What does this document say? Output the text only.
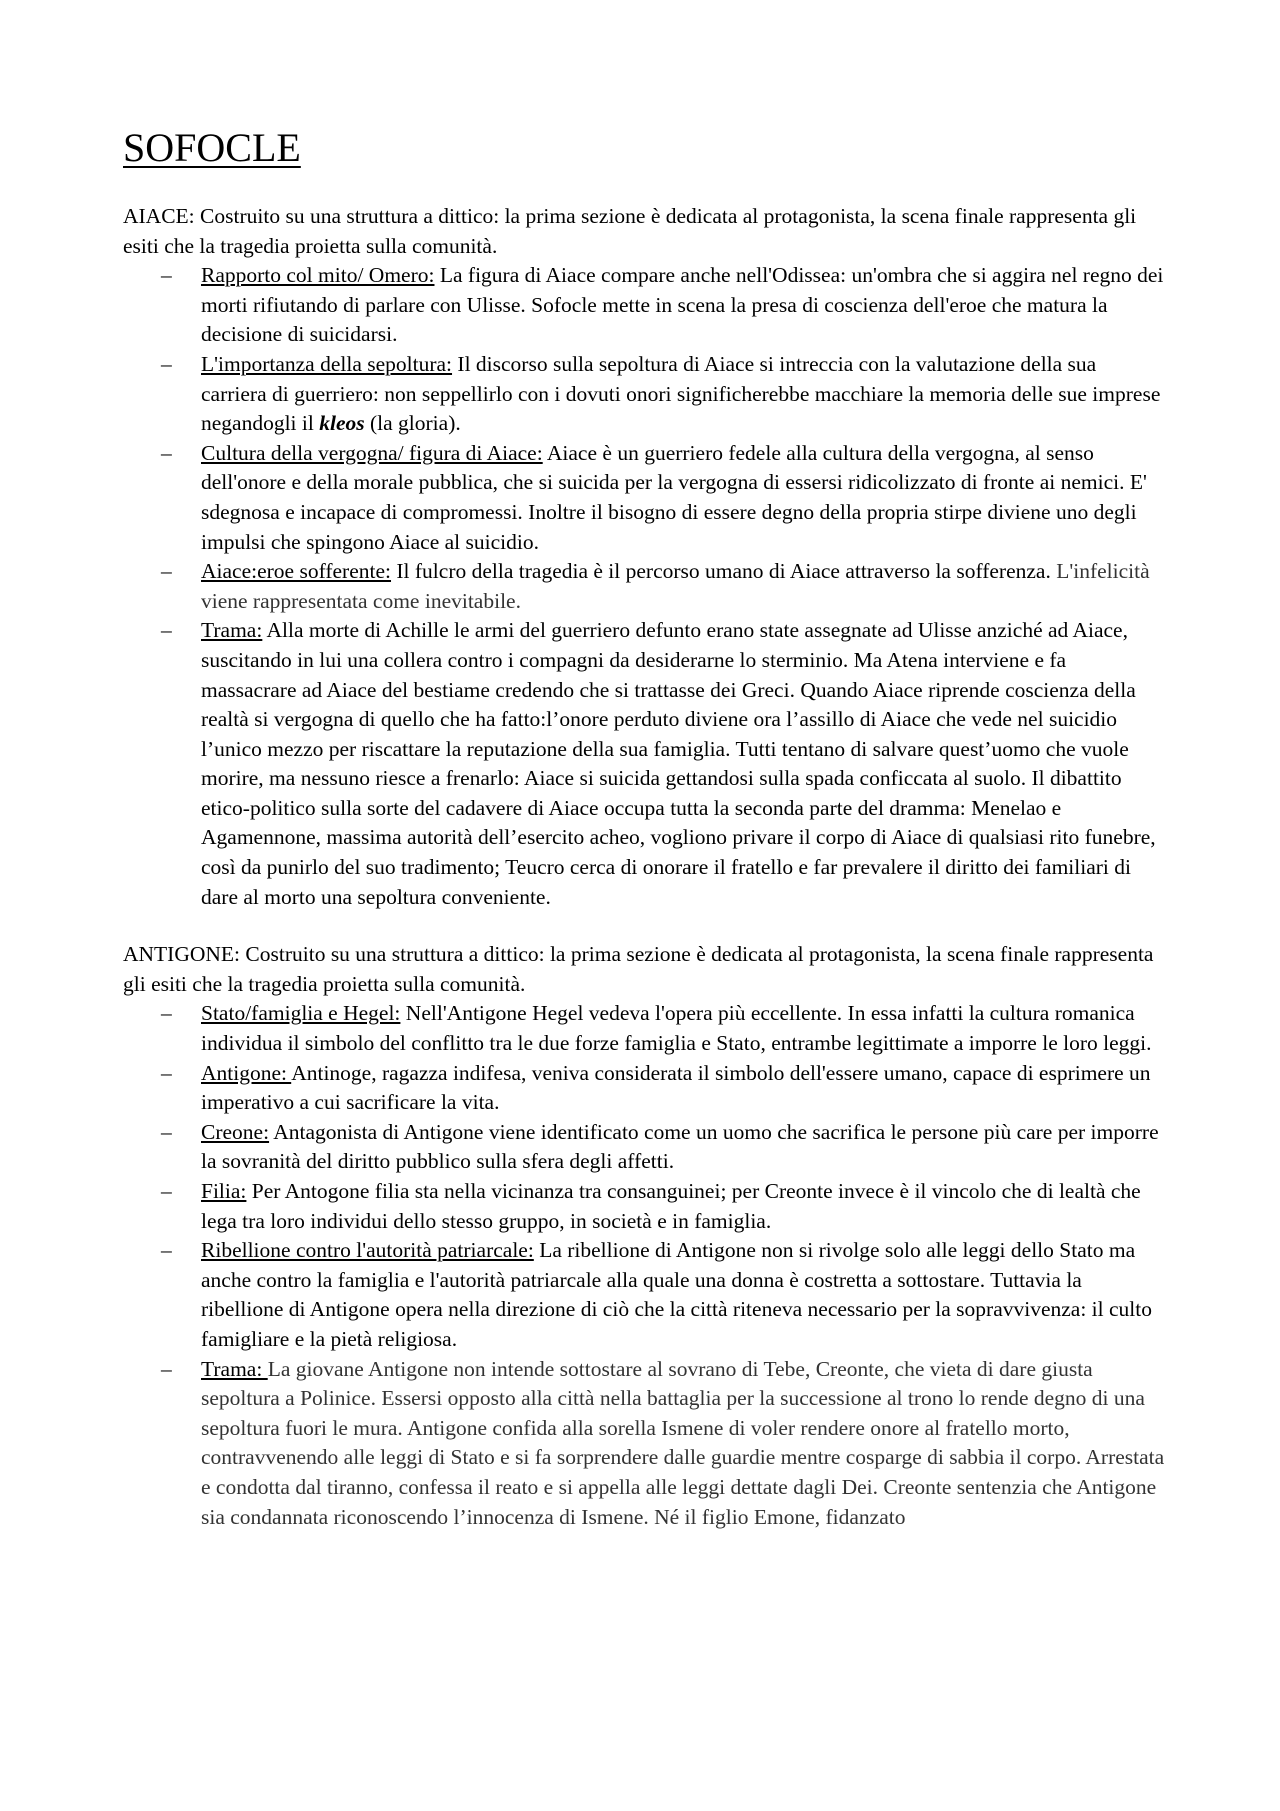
SOFOCLE

AIACE: Costruito su una struttura a dittico: la prima sezione è dedicata al protagonista, la scena finale rappresenta gli esiti che la tragedia proietta sulla comunità.

– Rapporto col mito/ Omero: La figura di Aiace compare anche nell'Odissea: un'ombra che si aggira nel regno dei morti rifiutando di parlare con Ulisse. Sofocle mette in scena la presa di coscienza dell'eroe che matura la decisione di suicidarsi.
– L'importanza della sepoltura: Il discorso sulla sepoltura di Aiace si intreccia con la valutazione della sua carriera di guerriero: non seppellirlo con i dovuti onori significherebbe macchiare la memoria delle sue imprese negandogli il kleos (la gloria).
– Cultura della vergogna/ figura di Aiace: Aiace è un guerriero fedele alla cultura della vergogna, al senso dell'onore e della morale pubblica, che si suicida per la vergogna di essersi ridicolizzato di fronte ai nemici. E' sdegnosa e incapace di compromessi. Inoltre il bisogno di essere degno della propria stirpe diviene uno degli impulsi che spingono Aiace al suicidio.
– Aiace:eroe sofferente: Il fulcro della tragedia è il percorso umano di Aiace attraverso la sofferenza. L'infelicità viene rappresentata come inevitabile.
– Trama: Alla morte di Achille le armi del guerriero defunto erano state assegnate ad Ulisse anziché ad Aiace, suscitando in lui una collera contro i compagni da desiderarne lo sterminio. Ma Atena interviene e fa massacrare ad Aiace del bestiame credendo che si trattasse dei Greci. Quando Aiace riprende coscienza della realtà si vergogna di quello che ha fatto:l’onore perduto diviene ora l’assillo di Aiace che vede nel suicidio l’unico mezzo per riscattare la reputazione della sua famiglia. Tutti tentano di salvare quest’uomo che vuole morire, ma nessuno riesce a frenarlo: Aiace si suicida gettandosi sulla spada conficcata al suolo. Il dibattito etico-politico sulla sorte del cadavere di Aiace occupa tutta la seconda parte del dramma: Menelao e Agamennone, massima autorità dell’esercito acheo, vogliono privare il corpo di Aiace di qualsiasi rito funebre, così da punirlo del suo tradimento; Teucro cerca di onorare il fratello e far prevalere il diritto dei familiari di dare al morto una sepoltura conveniente.

ANTIGONE: Costruito su una struttura a dittico: la prima sezione è dedicata al protagonista, la scena finale rappresenta gli esiti che la tragedia proietta sulla comunità.

– Stato/famiglia e Hegel: Nell'Antigone Hegel vedeva l'opera più eccellente. In essa infatti la cultura romanica individua il simbolo del conflitto tra le due forze famiglia e Stato, entrambe legittimate a imporre le loro leggi.
– Antigone: Antinoge, ragazza indifesa, veniva considerata il simbolo dell'essere umano, capace di esprimere un imperativo a cui sacrificare la vita.
– Creone: Antagonista di Antigone viene identificato come un uomo che sacrifica le persone più care per imporre la sovranità del diritto pubblico sulla sfera degli affetti.
– Filia: Per Antogone filia sta nella vicinanza tra consanguinei; per Creonte invece è il vincolo che di lealtà che lega tra loro individui dello stesso gruppo, in società e in famiglia.
– Ribellione contro l'autorità patriarcale: La ribellione di Antigone non si rivolge solo alle leggi dello Stato ma anche contro la famiglia e l'autorità patriarcale alla quale una donna è costretta a sottostare. Tuttavia la ribellione di Antigone opera nella direzione di ciò che la città riteneva necessario per la sopravvivenza: il culto famigliare e la pietà religiosa.
– Trama: La giovane Antigone non intende sottostare al sovrano di Tebe, Creonte, che vieta di dare giusta sepoltura a Polinice. Essersi opposto alla città nella battaglia per la successione al trono lo rende degno di una sepoltura fuori le mura. Antigone confida alla sorella Ismene di voler rendere onore al fratello morto, contravvenendo alle leggi di Stato e si fa sorprendere dalle guardie mentre cosparge di sabbia il corpo. Arrestata e condotta dal tiranno, confessa il reato e si appella alle leggi dettate dagli Dei. Creonte sentenzia che Antigone sia condannata riconoscendo l’innocenza di Ismene. Né il figlio Emone, fidanzato
